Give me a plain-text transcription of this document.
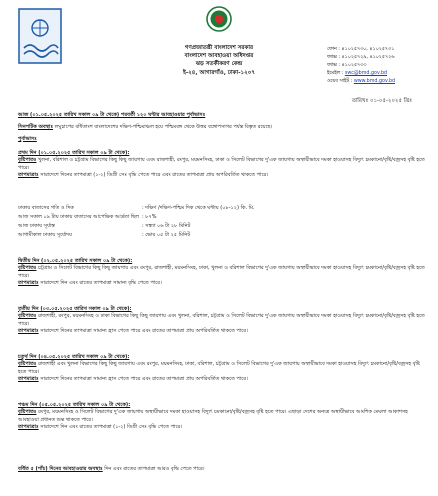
গণপ্রজাতন্ত্রী বাংলাদেশ সরকার
বাংলাদেশ আবহাওয়া অধিদপ্তর
ঝড় সতর্কীকরণ কেন্দ্র
ই-২৪, আগারগাঁও, ঢাকা-১২০৭
ফোন : ৪১০২৫৭৩০, ৪১০২৫৭৩১
ফ্যাক্স : ৪১০২৫৭২৯, ৪১০২৫৭২৬
ফ্যাক্স : ৪১০২৫৭৩৩
ইমেইল : swc@bmd.gov.bd
ওয়েব সাইট : www.bmd.gov.bd
তারিখঃ ০১-০৫-২০২৫ খ্রিঃ
আজ (০১.০৫.২০২৫ তারিখ সকাল ০৯ টা থেকে) পরবর্তী ১২০ ঘন্টার আবহাওয়ার পূর্বাভাসঃ
সিনপটিক অবস্থাঃ লঘুচাপের বর্ধিতাংশ বাংলাদেশের দক্ষিণ-পশ্চিমাঞ্চল হয়ে পশ্চিমবঙ্গ থেকে উত্তর বঙ্গোপসাগর পর্যন্ত বিস্তৃত রয়েছে।
পূর্বাভাসঃ
প্রথম দিন (০১.০৫.২০২৫ তারিখ সকাল ০৯ টা থেকে):
বৃষ্টিপাতঃ খুলনা, বরিশাল ও চট্টগ্রাম বিভাগের কিছু কিছু জায়গায় এবং রাজশাহী, রংপুর, ময়মনসিংহ, ঢাকা ও সিলেট বিভাগের দু'এক জায়গায় অস্থায়ীভাবে দমকা হাওয়াসহ বিদ্যুৎ চমকানো/বৃষ্টি/বজ্রসহ বৃষ্টি হতে পারে।
তাপমাত্রাঃ সারাদেশে দিনের তাপমাত্রা (১-২) ডিগ্রী সেঃ বৃদ্ধি পেতে পারে এবং রাতের তাপমাত্রা প্রায় অপরিবর্তিত থাকতে পারে।
ঢাকায় বাতাসের গতি ও দিক	: দক্ষিণ /দক্ষিণ-পশ্চিম দিক থেকে ঘন্টায় (০৮-১২) কি. মি.
আজ সকাল ০৯ টায় ঢাকায় বাতাসের আপেক্ষিক আর্দ্রতা ছিল : ৮৭%
আজ ঢাকায় সূর্যাস্ত	: সন্ধ্যা ০৬ টা ২৮ মিনিট
আগামীকাল ঢাকায় সূর্যোদয়	: ভোর ০৫ টা ২৫ মিনিট
দ্বিতীয় দিন (০২.০৫.২০২৫ তারিখ সকাল ০৯ টা থেকে):
বৃষ্টিপাতঃ চট্টগ্রাম ও সিলেট বিভাগের কিছু কিছু জায়গায় এবং রংপুর, রাজশাহী, ময়মনসিংহ, ঢাকা, খুলনা ও বরিশাল বিভাগের দু'এক জায়গায় অস্থায়ীভাবে দমকা হাওয়াসহ বিদ্যুৎ চমকানো/বৃষ্টি/বজ্রসহ বৃষ্টি হতে পারে।
তাপমাত্রাঃ সারাদেশে দিন এবং রাতের তাপমাত্রা সামান্য বৃদ্ধি পেতে পারে।
তৃতীয় দিন (০৩.০৫.২০২৫ তারিখ সকাল ০৯ টা থেকে):
বৃষ্টিপাতঃ রাজশাহী, রংপুর, ময়মনসিংহ ও ঢাকা বিভাগের কিছু কিছু জায়গায় এবং খুলনা, বরিশাল, চট্টগ্রাম ও সিলেট বিভাগের দু'এক জায়গায় অস্থায়ীভাবে দমকা হাওয়াসহ বিদ্যুৎ চমকানো/বৃষ্টি/বজ্রসহ বৃষ্টি হতে পারে।
তাপমাত্রাঃ সারাদেশে দিনের তাপমাত্রা সামান্য হ্রাস পেতে পারে এবং রাতের তাপমাত্রা প্রায় অপরিবর্তিত থাকতে পারে।
চতুর্থ দিন (০৪.০৫.২০২৫ তারিখ সকাল ০৯ টা থেকে):
বৃষ্টিপাতঃ রাজশাহী এবং খুলনা বিভাগের কিছু কিছু জায়গায় এবং রংপুর, ময়মনসিংহ, ঢাকা, বরিশাল, চট্টগ্রাম ও সিলেট বিভাগের দু'এক জায়গায় অস্থায়ীভাবে দমকা হাওয়াসহ বিদ্যুৎ চমকানো/বৃষ্টি/বজ্রসহ বৃষ্টি হতে পারে।
তাপমাত্রাঃ সারাদেশে দিনের তাপমাত্রা সামান্য হ্রাস পেতে পারে এবং রাতের তাপমাত্রা প্রায় অপরিবর্তিত থাকতে পারে।
পঞ্চম দিন (০৫.০৫.২০২৫ তারিখ সকাল ০৯ টা থেকে):
বৃষ্টিপাতঃ রংপুর, ময়মনসিংহ ও সিলেট বিভাগের দু'এক জায়গায় অস্থায়ীভাবে দমকা হাওয়াসহ বিদ্যুৎ চমকানো/বৃষ্টি/বজ্রসহ বৃষ্টি হতে পারে। এছাড়া দেশের অন্যত্র অস্থায়ীভাবে আংশিক মেঘলা আকাশসহ আবহাওয়া প্রধানত শুষ্ক থাকতে পারে।
তাপমাত্রাঃ সারাদেশে দিন এবং রাতের তাপমাত্রা (১-২) ডিগ্রী সেঃ বৃদ্ধি পেতে পারে।
বর্ধিত ৫ (পাঁচ) দিনের আবহাওয়ার অবস্থাঃ দিন এবং রাতের তাপমাত্রা আরও বৃদ্ধি পেতে পারে।
